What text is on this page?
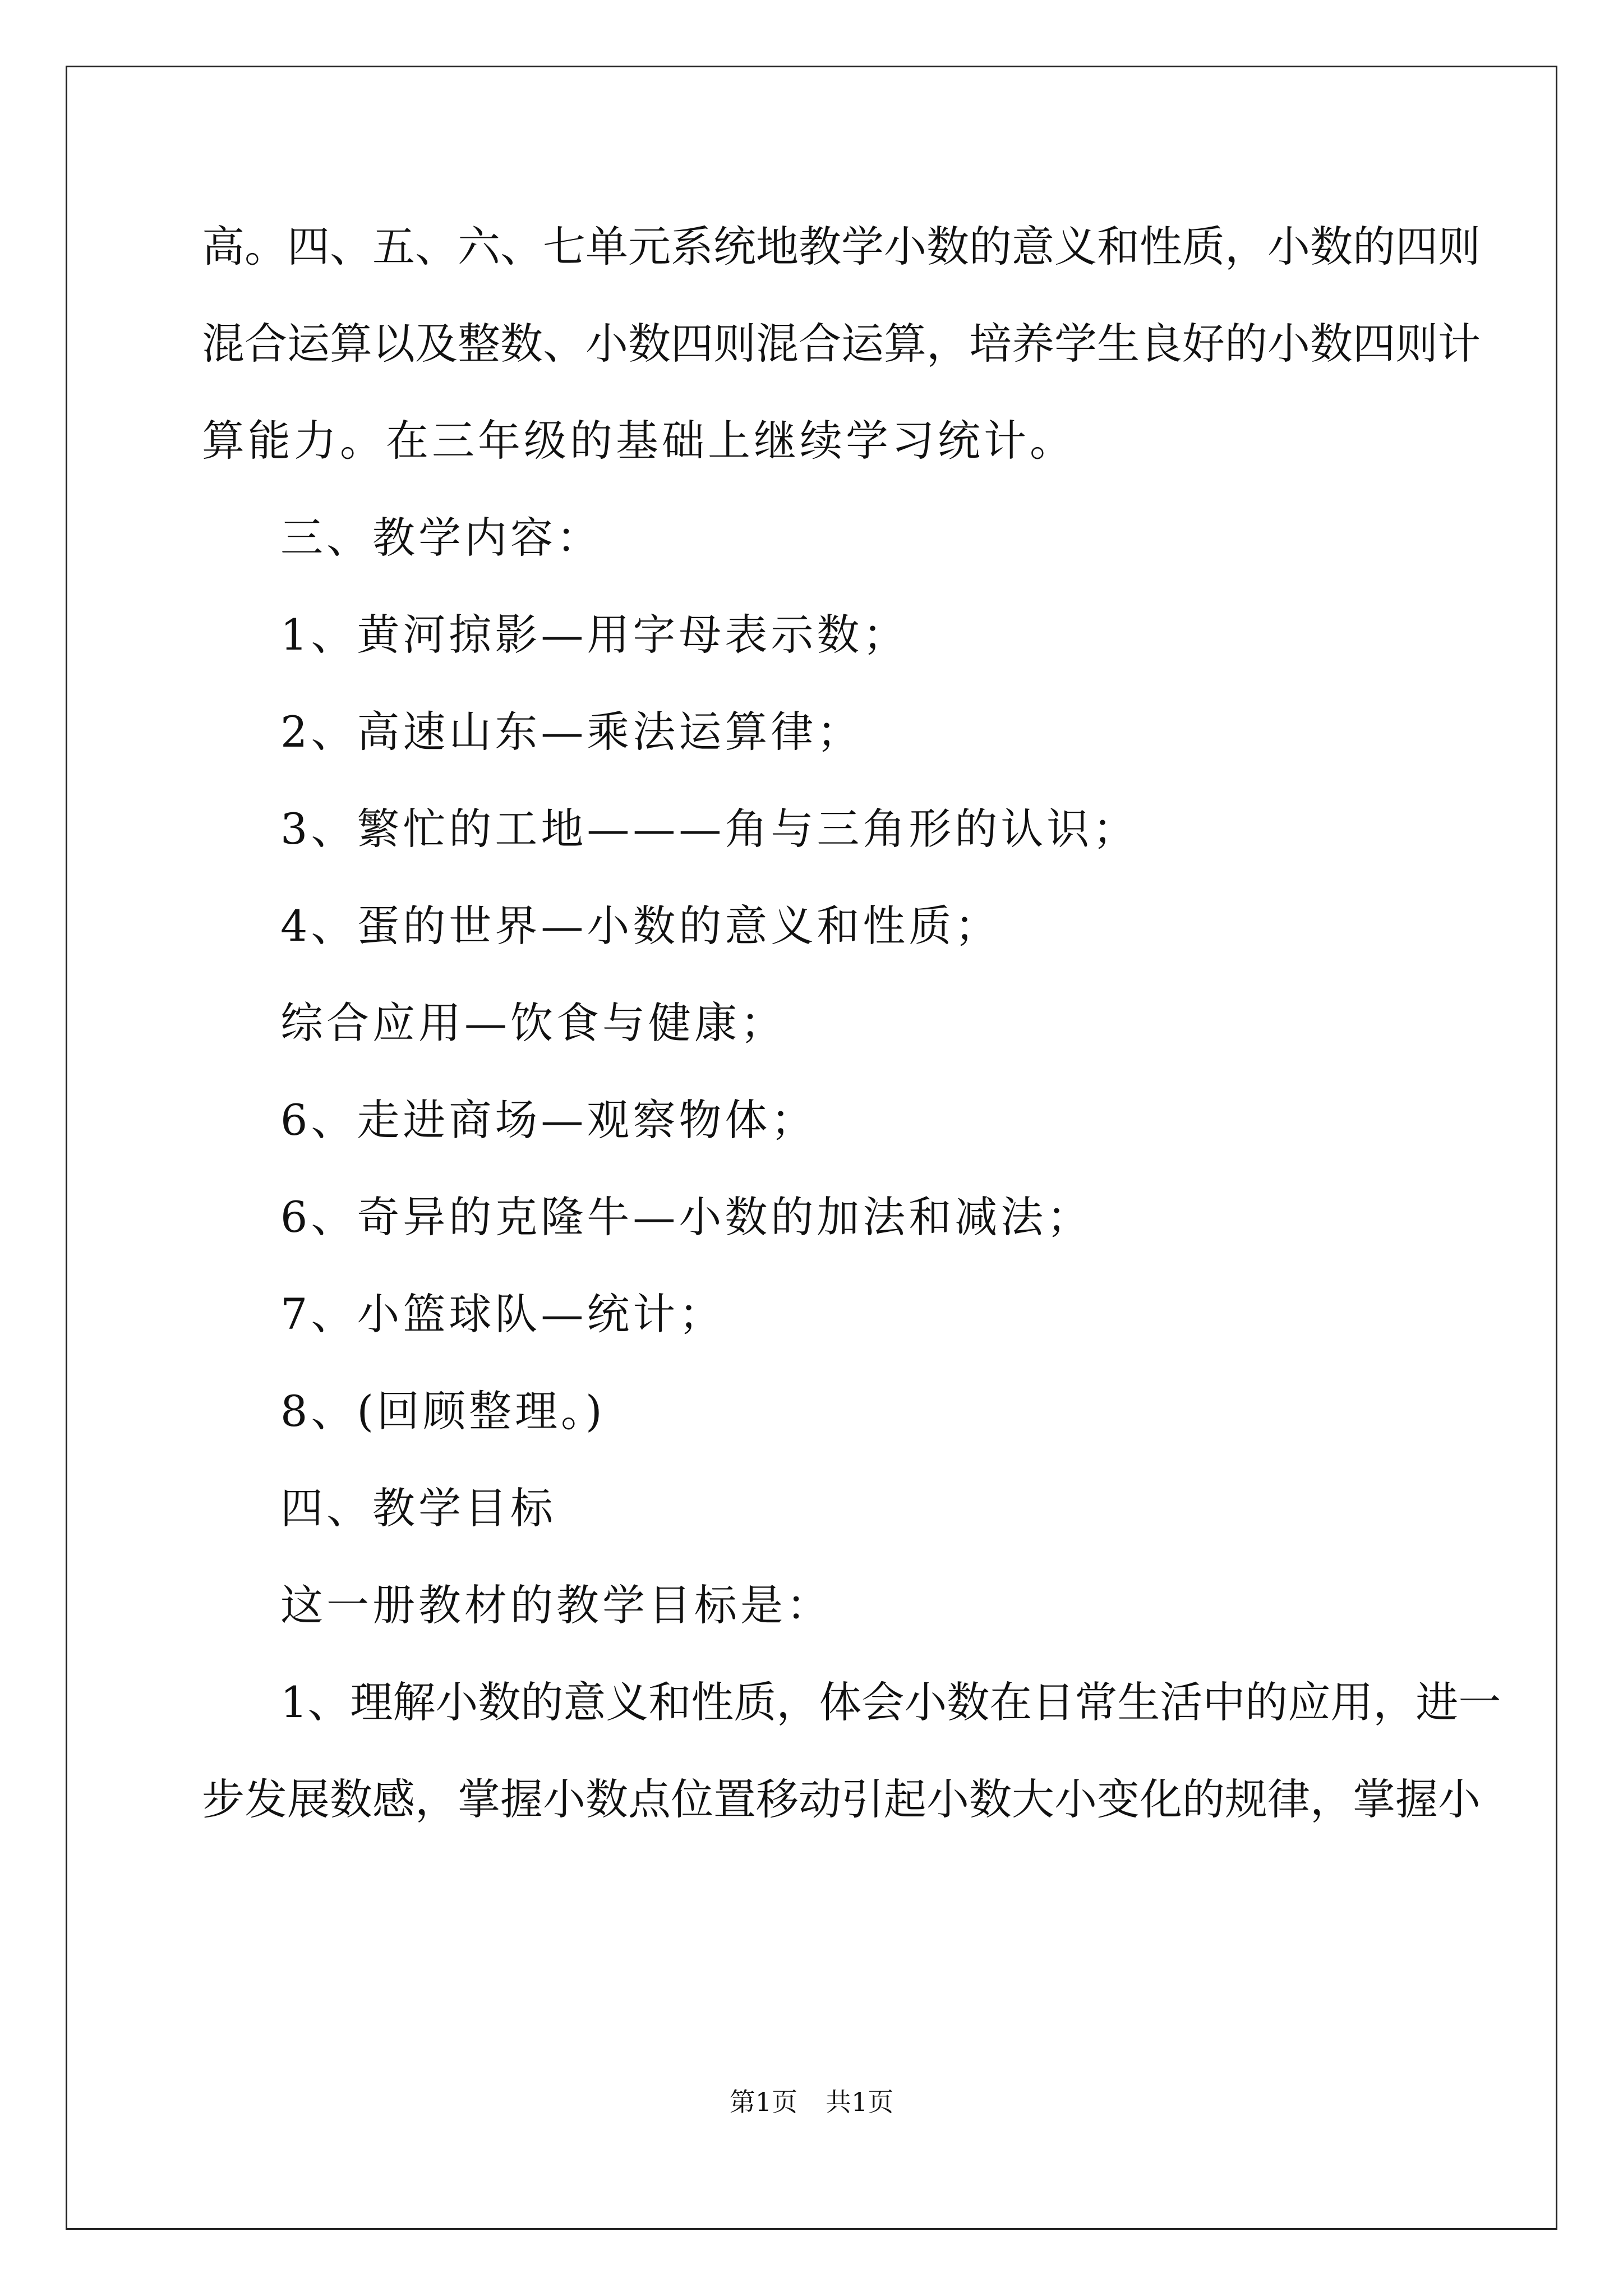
高。四、五、六、七单元系统地教学小数的意义和性质，小数的四则
混合运算以及整数、小数四则混合运算，培养学生良好的小数四则计
算能力。在三年级的基础上继续学习统计。
三、教学内容：
1、黄河掠影—用字母表示数；
2、高速山东—乘法运算律；
3、繁忙的工地———角与三角形的认识；
4、蛋的世界—小数的意义和性质；
综合应用—饮食与健康；
6、走进商场—观察物体；
6、奇异的克隆牛—小数的加法和减法；
7、小篮球队—统计；
8、(回顾整理。)
四、教学目标
这一册教材的教学目标是：
1、理解小数的意义和性质，体会小数在日常生活中的应用，进一
步发展数感，掌握小数点位置移动引起小数大小变化的规律，掌握小
第1页 共1页
